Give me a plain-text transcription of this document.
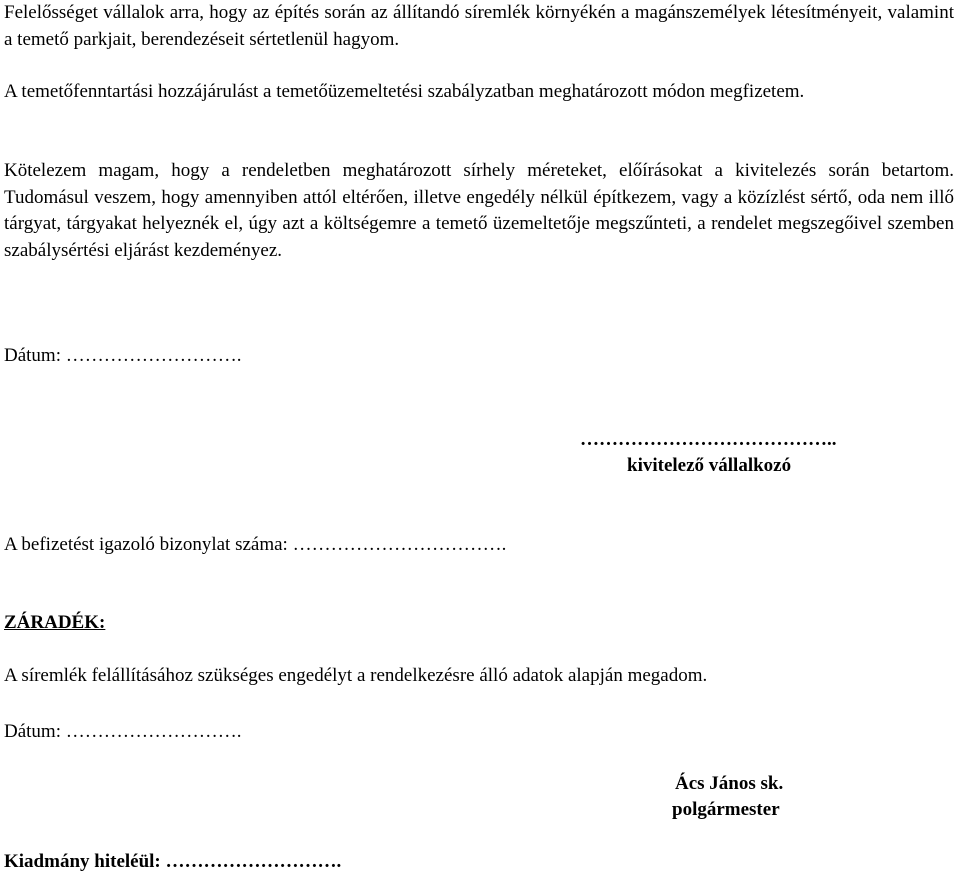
Felelősséget vállalok arra, hogy az építés során az állítandó síremlék környékén a magánszemélyek létesítményeit, valamint a temető parkjait, berendezéseit sértetlenül hagyom.
A temetőfenntartási hozzájárulást a temetőüzemeltetési szabályzatban meghatározott módon megfizetem.
Kötelezem magam, hogy a rendeletben meghatározott sírhely méreteket, előírásokat a kivitelezés során betartom. Tudomásul veszem, hogy amennyiben attól eltérően, illetve engedély nélkül építkezem, vagy a közízlést sértő, oda nem illő tárgyat, tárgyakat helyeznék el, úgy azt a költségemre a temető üzemeltetője megszűnteti, a rendelet megszegőivel szemben szabálysértési eljárást kezdeményez.
Dátum: ……………………….
…………………………………..
kivitelező vállalkozó
A befizetést igazoló bizonylat száma: …………………………….
ZÁRADÉK:
A síremlék felállításához szükséges engedélyt a rendelkezésre álló adatok alapján megadom.
Dátum: ……………………….
Ács János sk.
polgármester
Kiadmány hiteléül: ……………………….
